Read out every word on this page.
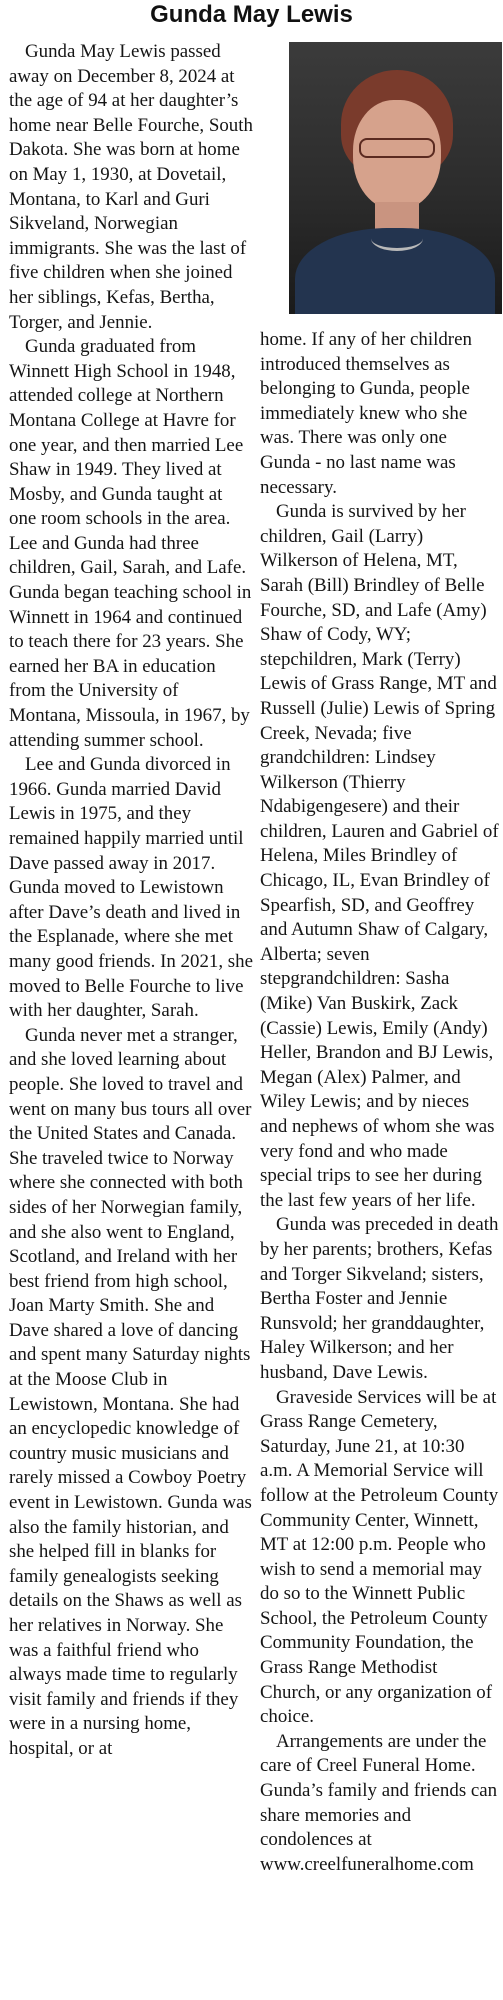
Gunda May Lewis

Gunda May Lewis passed away on December 8, 2024 at the age of 94 at her daughter’s home near Belle Fourche, South Dakota. She was born at home on May 1, 1930, at Dovetail, Montana, to Karl and Guri Sikveland, Norwegian immigrants. She was the last of five children when she joined her siblings, Kefas, Bertha, Torger, and Jennie.

Gunda graduated from Winnett High School in 1948, attended college at Northern Montana College at Havre for one year, and then married Lee Shaw in 1949. They lived at Mosby, and Gunda taught at one room schools in the area. Lee and Gunda had three children, Gail, Sarah, and Lafe. Gunda began teaching school in Winnett in 1964 and continued to teach there for 23 years. She earned her BA in education from the University of Montana, Missoula, in 1967, by attending summer school.

Lee and Gunda divorced in 1966. Gunda married David Lewis in 1975, and they remained happily married until Dave passed away in 2017. Gunda moved to Lewistown after Dave’s death and lived in the Esplanade, where she met many good friends. In 2021, she moved to Belle Fourche to live with her daughter, Sarah.

Gunda never met a stranger, and she loved learning about people. She loved to travel and went on many bus tours all over the United States and Canada. She traveled twice to Norway where she connected with both sides of her Norwegian family, and she also went to England, Scotland, and Ireland with her best friend from high school, Joan Marty Smith. She and Dave shared a love of dancing and spent many Saturday nights at the Moose Club in Lewistown, Montana. She had an encyclopedic knowledge of country music musicians and rarely missed a Cowboy Poetry event in Lewistown. Gunda was also the family historian, and she helped fill in blanks for family genealogists seeking details on the Shaws as well as her relatives in Norway. She was a faithful friend who always made time to regularly visit family and friends if they were in a nursing home, hospital, or at

home. If any of her children introduced themselves as belonging to Gunda, people immediately knew who she was. There was only one Gunda - no last name was necessary.

Gunda is survived by her children, Gail (Larry) Wilkerson of Helena, MT, Sarah (Bill) Brindley of Belle Fourche, SD, and Lafe (Amy) Shaw of Cody, WY; stepchildren, Mark (Terry) Lewis of Grass Range, MT and Russell (Julie) Lewis of Spring Creek, Nevada; five grandchildren: Lindsey Wilkerson (Thierry Ndabigengesere) and their children, Lauren and Gabriel of Helena, Miles Brindley of Chicago, IL, Evan Brindley of Spearfish, SD, and Geoffrey and Autumn Shaw of Calgary, Alberta; seven stepgrandchildren: Sasha (Mike) Van Buskirk, Zack (Cassie) Lewis, Emily (Andy) Heller, Brandon and BJ Lewis, Megan (Alex) Palmer, and Wiley Lewis; and by nieces and nephews of whom she was very fond and who made special trips to see her during the last few years of her life.

Gunda was preceded in death by her parents; brothers, Kefas and Torger Sikveland; sisters, Bertha Foster and Jennie Runsvold; her granddaughter, Haley Wilkerson; and her husband, Dave Lewis.

Graveside Services will be at Grass Range Cemetery, Saturday, June 21, at 10:30 a.m. A Memorial Service will follow at the Petroleum County Community Center, Winnett, MT at 12:00 p.m. People who wish to send a memorial may do so to the Winnett Public School, the Petroleum County Community Foundation, the Grass Range Methodist Church, or any organization of choice.

Arrangements are under the care of Creel Funeral Home. Gunda’s family and friends can share memories and condolences at www.creelfuneralhome.com
